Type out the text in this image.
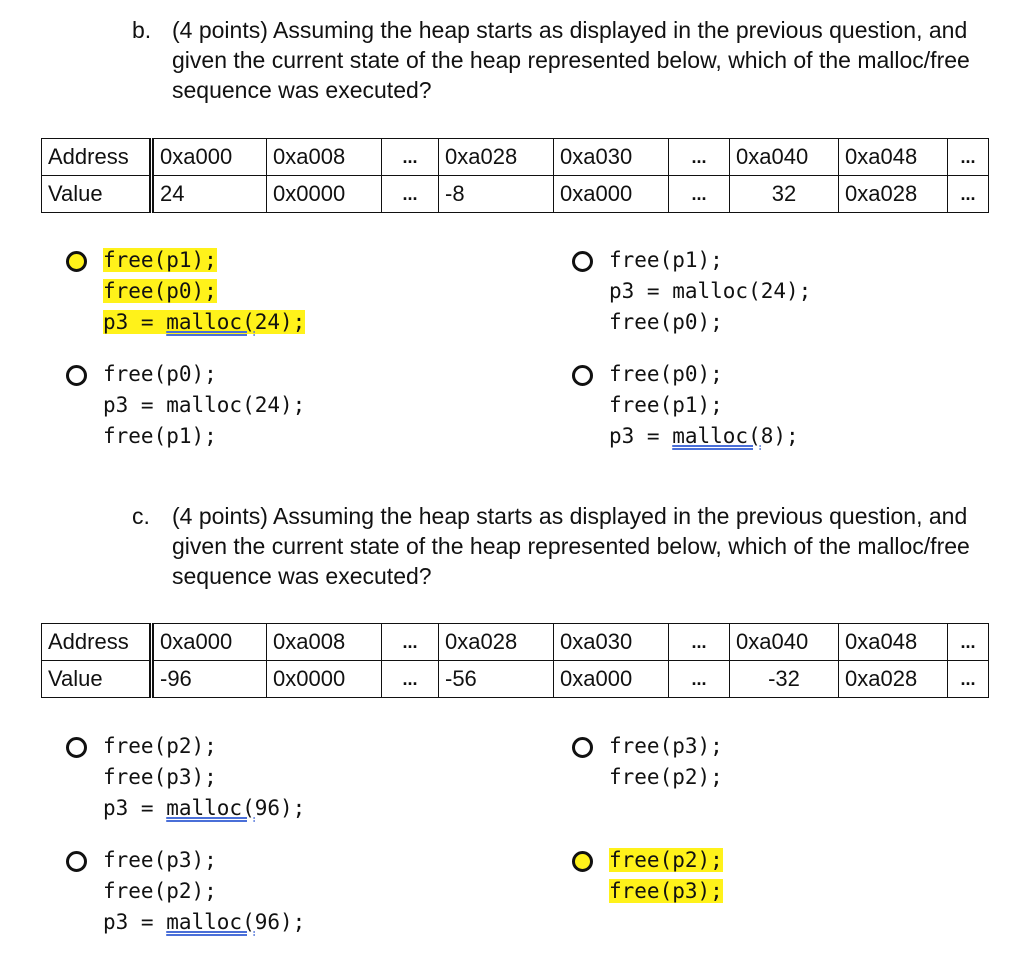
b. (4 points) Assuming the heap starts as displayed in the previous question, and given the current state of the heap represented below, which of the malloc/free sequence was executed?
Address	0xa000	0xa008	...	0xa028	0xa030	...	0xa040	0xa048	...
Value	24	0x0000	...	-8	0xa000	...	32	0xa028	...
free(p1);
free(p0);
p3 = malloc(24);
free(p1);
p3 = malloc(24);
free(p0);
free(p0);
p3 = malloc(24);
free(p1);
free(p0);
free(p1);
p3 = malloc(8);
c. (4 points) Assuming the heap starts as displayed in the previous question, and given the current state of the heap represented below, which of the malloc/free sequence was executed?
Address	0xa000	0xa008	...	0xa028	0xa030	...	0xa040	0xa048	...
Value	-96	0x0000	...	-56	0xa000	...	-32	0xa028	...
free(p2);
free(p3);
p3 = malloc(96);
free(p3);
free(p2);
free(p3);
free(p2);
p3 = malloc(96);
free(p2);
free(p3);
